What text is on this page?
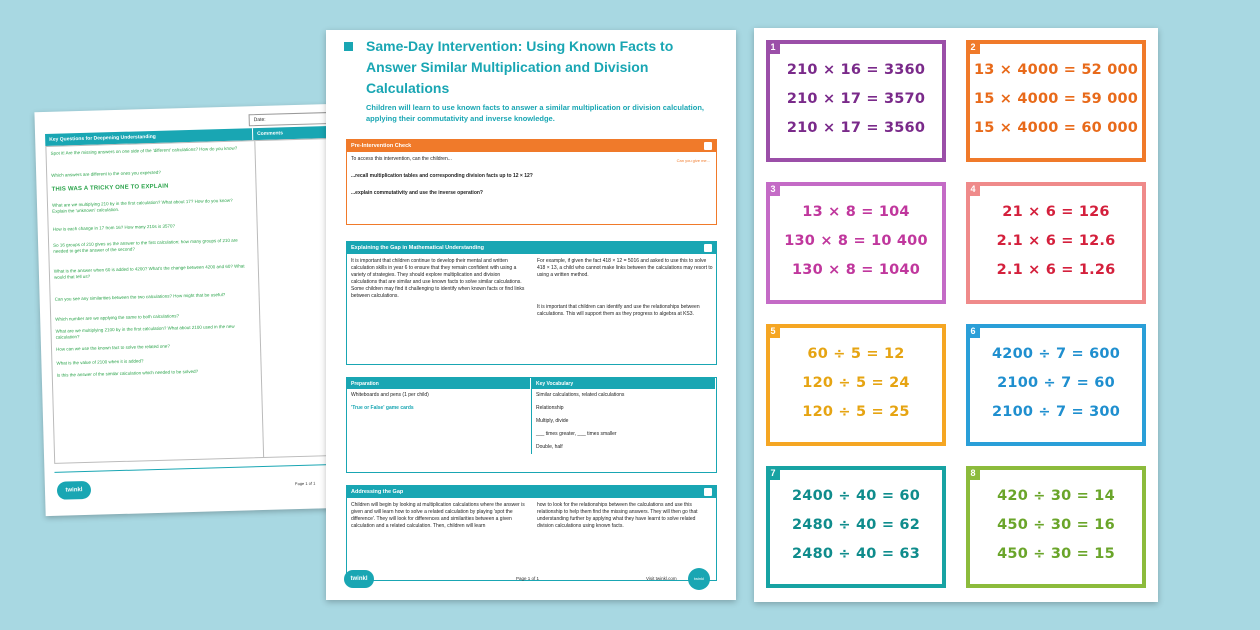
Date:
Key Questions for Deepening Understanding
Comments
Spot it! Are the missing answers on one side of the 'different' calculations? How do you know?
Which answers are different to the ones you expected?
THIS WAS A TRICKY ONE TO EXPLAIN
What are we multiplying 210 by in the first calculation? What about 17? How do you know? Explain the 'unknown' calculation.
How is each change in 17 from 16? How many 210s is 3570?
So 16 groups of 210 gives us the answer to the first calculation; how many groups of 210 are needed to get the answer of the second?
What is the answer when 60 is added to 4200? What's the change between 4200 and 60? What would that tell us?
Can you see any similarities between the two calculations? How might that be useful?
Which number are we applying the same to both calculations?
What are we multiplying 2100 by in the first calculation? What about 2100 used in the new calculation?
How can we use the known fact to solve the related one?
What is the value of 2100 when it is added?
Is this the answer of the similar calculation which needed to be solved?
twinkl
Page 1 of 1
Same-Day Intervention: Using Known Facts to Answer Similar Multiplication and Division Calculations
Children will learn to use known facts to answer a similar multiplication or division calculation, applying their commutativity and inverse knowledge.
Pre-Intervention Check
To access this intervention, can the children...	Can you give me...
...recall multiplication tables and corresponding division facts up to 12 × 12?
...explain commutativity and use the inverse operation?
Explaining the Gap in Mathematical Understanding
It is important that children continue to develop their mental and written calculation skills in year 6 to ensure that they remain confident with using a variety of strategies. They should explore multiplication and division calculations that are similar and use known facts to solve similar calculations. Some children may find it challenging to identify when known facts or find links between calculations.
For example, if given the fact 418 × 12 = 5016 and asked to use this to solve 418 × 13, a child who cannot make links between the calculations may resort to using a written method.
It is important that children can identify and use the relationships between calculations. This will support them as they progress to algebra at KS3.
Preparation
Whiteboards and pens (1 per child)
'True or False' game cards
Key Vocabulary
Similar calculations, related calculations
Relationship
Multiply, divide
___ times greater, ___ times smaller
Double, half
Addressing the Gap
Children will begin by looking at multiplication calculations where the answer is given and will learn how to solve a related calculation by playing 'spot the difference'. They will look for differences and similarities between a given calculation and a related calculation. Then, children will learn
how to look for the relationships between the calculations and use this relationship to help them find the missing answers. They will then go that understanding further by applying what they have learnt to solve related division calculations using known facts.
twinkl	Page 1 of 1	Visit twinkl.com	twinkl
1
210 × 16 = 3360
210 × 17 = 3570
210 × 17 = 3560
2
13 × 4000 = 52 000
15 × 4000 = 59 000
15 × 4000 = 60 000
3
13 × 8 = 104
130 × 8 = 10 400
130 × 8 = 1040
4
21 × 6 = 126
2.1 × 6 = 12.6
2.1 × 6 = 1.26
5
60 ÷ 5 = 12
120 ÷ 5 = 24
120 ÷ 5 = 25
6
4200 ÷ 7 = 600
2100 ÷ 7 = 60
2100 ÷ 7 = 300
7
2400 ÷ 40 = 60
2480 ÷ 40 = 62
2480 ÷ 40 = 63
8
420 ÷ 30 = 14
450 ÷ 30 = 16
450 ÷ 30 = 15
